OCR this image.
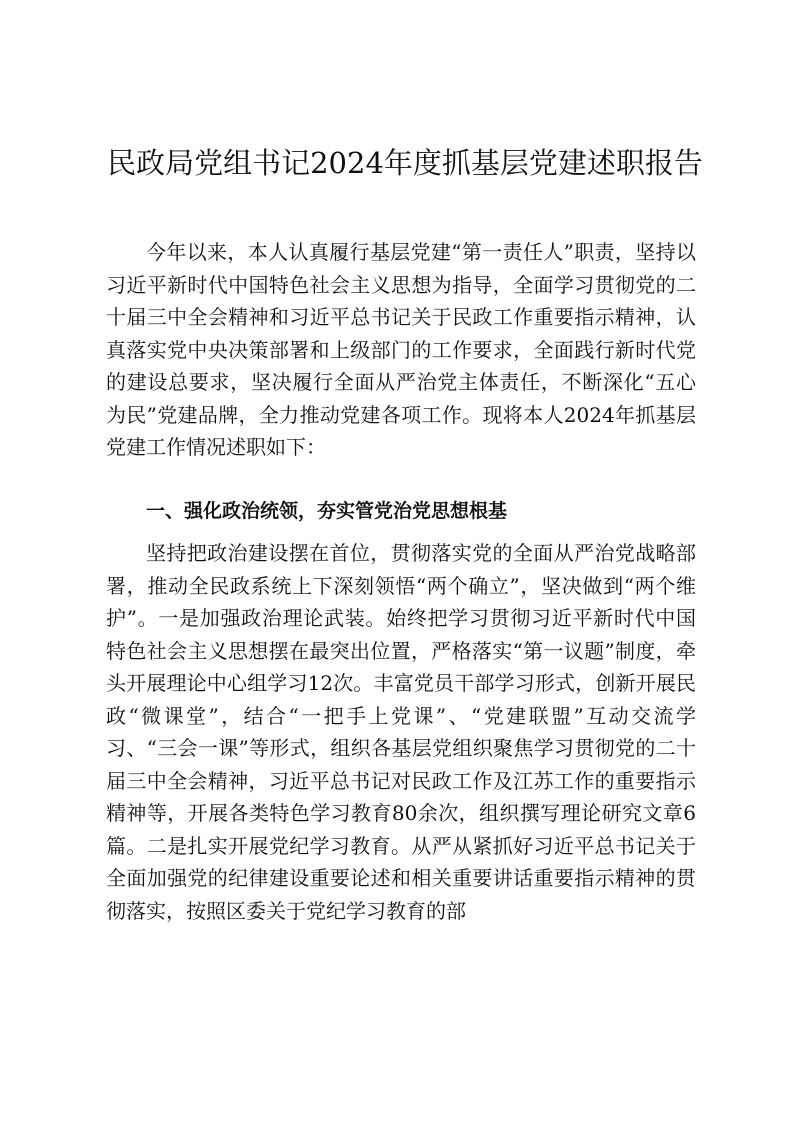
民政局党组书记2024年度抓基层党建述职报告

今年以来，本人认真履行基层党建“第一责任人”职责，坚持以习近平新时代中国特色社会主义思想为指导，全面学习贯彻党的二十届三中全会精神和习近平总书记关于民政工作重要指示精神，认真落实党中央决策部署和上级部门的工作要求，全面践行新时代党的建设总要求，坚决履行全面从严治党主体责任，不断深化“五心为民”党建品牌，全力推动党建各项工作。现将本人2024年抓基层党建工作情况述职如下：

一、强化政治统领，夯实管党治党思想根基

坚持把政治建设摆在首位，贯彻落实党的全面从严治党战略部署，推动全民政系统上下深刻领悟“两个确立”，坚决做到“两个维护”。一是加强政治理论武装。始终把学习贯彻习近平新时代中国特色社会主义思想摆在最突出位置，严格落实“第一议题”制度，牵头开展理论中心组学习12次。丰富党员干部学习形式，创新开展民政“微课堂”，结合“一把手上党课”、“党建联盟”互动交流学习、“三会一课”等形式，组织各基层党组织聚焦学习贯彻党的二十届三中全会精神，习近平总书记对民政工作及江苏工作的重要指示精神等，开展各类特色学习教育80余次，组织撰写理论研究文章6篇。二是扎实开展党纪学习教育。从严从紧抓好习近平总书记关于全面加强党的纪律建设重要论述和相关重要讲话重要指示精神的贯彻落实，按照区委关于党纪学习教育的部
